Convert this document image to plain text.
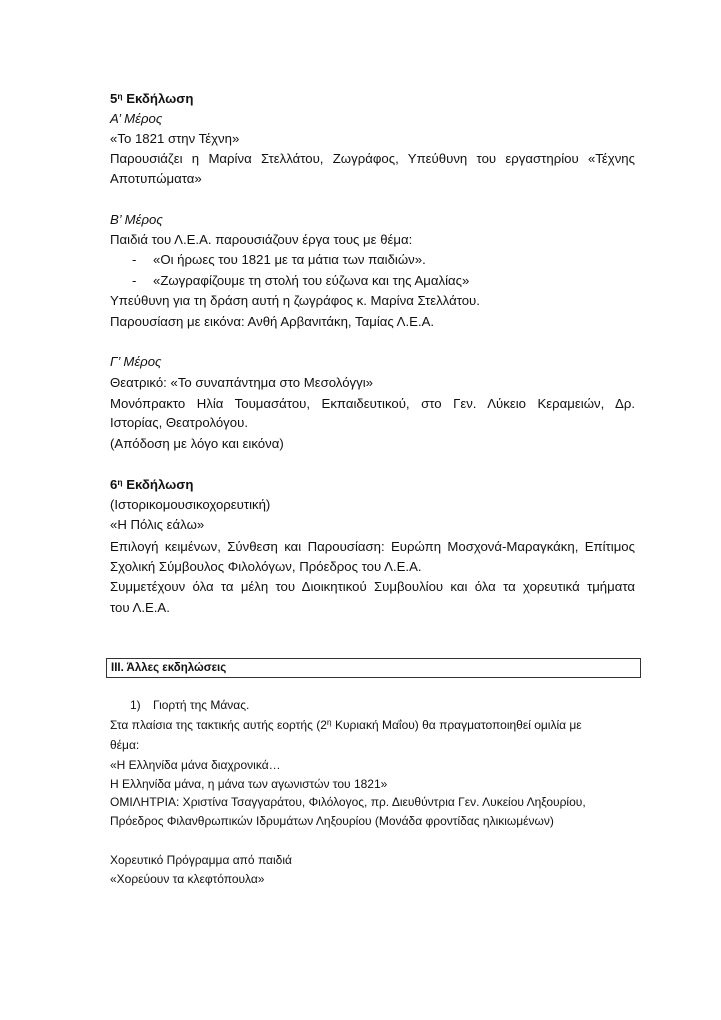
$5^\eta$ Εκδήλωση
Α’ Μέρος
«Το 1821 στην Τέχνη»
Παρουσιάζει η Μαρίνα Στελλάτου, Ζωγράφος, Υπεύθυνη του εργαστηρίου «Τέχνης
Αποτυπώματα»
Β’ Μέρος
Παιδιά του Λ.Ε.Α. παρουσιάζουν έργα τους με θέμα:
- «Οι ήρωες του 1821 με τα μάτια των παιδιών».
- «Ζωγραφίζουμε τη στολή του εύζωνα και της Αμαλίας»
Υπεύθυνη για τη δράση αυτή η ζωγράφος κ. Μαρίνα Στελλάτου.
Παρουσίαση με εικόνα: Ανθή Αρβανιτάκη, Ταμίας Λ.Ε.Α.
Γ’ Μέρος
Θεατρικό: «Το συναπάντημα στο Μεσολόγγι»
Μονόπρακτο Ηλία Τουμασάτου, Εκπαιδευτικού, στο Γεν. Λύκειο Κεραμειών, Δρ.
Ιστορίας, Θεατρολόγου.
(Απόδοση με λόγο και εικόνα)
$6^\eta$ Εκδήλωση
(Ιστορικομουσικοχορευτική)
«Η Πόλις εάλω»
Επιλογή κειμένων, Σύνθεση και Παρουσίαση: Ευρώπη Μοσχονά-Μαραγκάκη, Επίτιμος
Σχολική Σύμβουλος Φιλολόγων, Πρόεδρος του Λ.Ε.Α.
Συμμετέχουν όλα τα μέλη του Διοικητικού Συμβουλίου και όλα τα χορευτικά τμήματα
του Λ.Ε.Α.
ΙΙΙ. Άλλες εκδηλώσεις
1) Γιορτή της Μάνας.
Στα πλαίσια της τακτικής αυτής εορτής ($2^\eta$ Κυριακή Μαΐου) θα πραγματοποιηθεί ομιλία με
θέμα:
«Η Ελληνίδα μάνα διαχρονικά…
Η Ελληνίδα μάνα, η μάνα των αγωνιστών του 1821»
ΟΜΙΛΗΤΡΙΑ: Χριστίνα Τσαγγαράτου, Φιλόλογος, πρ. Διευθύντρια Γεν. Λυκείου Ληξουρίου,
Πρόεδρος Φιλανθρωπικών Ιδρυμάτων Ληξουρίου (Μονάδα φροντίδας ηλικιωμένων)
Χορευτικό Πρόγραμμα από παιδιά
«Χορεύουν τα κλεφτόπουλα»
